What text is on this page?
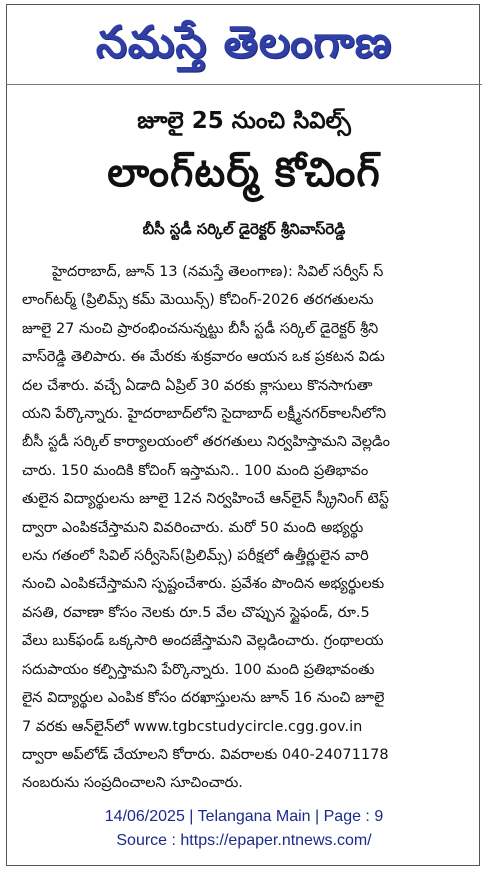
నమస్తే తెలంగాణ
జూలై 25 నుంచి సివిల్స్
లాంగ్‌టర్మ్ కోచింగ్
బీసీ స్టడీ సర్కిల్ డైరెక్టర్ శ్రీనివాస్‌రెడ్డి
హైదరాబాద్, జూన్ 13 (నమస్తే తెలంగాణ): సివిల్ సర్వీస్ స్
లాంగ్‌టర్మ్ (ప్రిలిమ్స్ కమ్ మెయిన్స్) కోచింగ్-2026 తరగతులను
జూలై 27 నుంచి ప్రారంభించనున్నట్టు బీసీ స్టడీ సర్కిల్ డైరెక్టర్ శ్రీని
వాస్‌రెడ్డి తెలిపారు. ఈ మేరకు శుక్రవారం ఆయన ఒక ప్రకటన విడు
దల చేశారు. వచ్చే ఏడాది ఏప్రిల్ 30 వరకు క్లాసులు కొనసాగుతా
యని పేర్కొన్నారు. హైదరాబాద్‌లోని సైదాబాద్ లక్ష్మీనగర్‌కాలనీలోని
బీసీ స్టడీ సర్కిల్ కార్యాలయంలో తరగతులు నిర్వహిస్తామని వెల్లడిం
చారు. 150 మందికి కోచింగ్ ఇస్తామని.. 100 మంది ప్రతిభావం
తులైన విద్యార్థులను జూలై 12న నిర్వహించే ఆన్‌లైన్ స్క్రీనింగ్ టెస్ట్
ద్వారా ఎంపికచేస్తామని వివరించారు. మరో 50 మంది అభ్యర్థు
లను గతంలో సివిల్ సర్వీసెస్(ప్రిలిమ్స్) పరీక్షలో ఉత్తీర్ణులైన వారి
నుంచి ఎంపికచేస్తామని స్పష్టంచేశారు. ప్రవేశం పొందిన అభ్యర్థులకు
వసతి, రవాణా కోసం నెలకు రూ.5 వేల చొప్పున స్టైఫండ్, రూ.5
వేలు బుక్‌ఫండ్ ఒక్కసారి అందజేస్తామని వెల్లడించారు. గ్రంథాలయ
సదుపాయం కల్పిస్తామని పేర్కొన్నారు. 100 మంది ప్రతిభావంతు
లైన విద్యార్థుల ఎంపిక కోసం దరఖాస్తులను జూన్ 16 నుంచి జూలై
7 వరకు ఆన్‌లైన్‌లో www.tgbcstudycircle.cgg.gov.in
ద్వారా అప్‌లోడ్ చేయాలని కోరారు. వివరాలకు 040-24071178
నంబరును సంప్రదించాలని సూచించారు.
14/06/2025 | Telangana Main | Page : 9
Source : https://epaper.ntnews.com/
